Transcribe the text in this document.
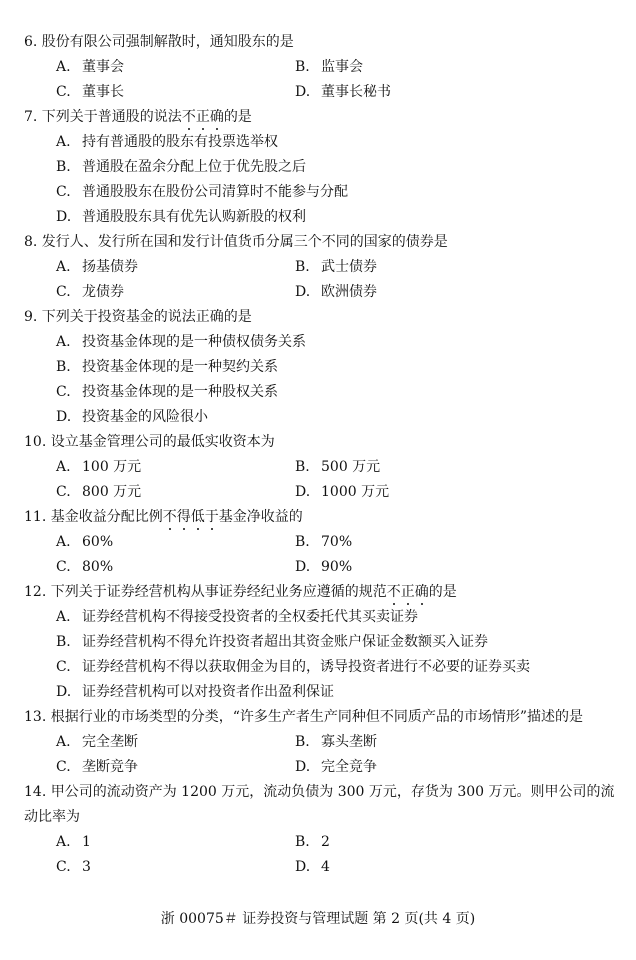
6. 股份有限公司强制解散时，通知股东的是
A. 董事会	B. 监事会
C. 董事长	D. 董事长秘书
7. 下列关于普通股的说法不正确的是
A. 持有普通股的股东有投票选举权
B. 普通股在盈余分配上位于优先股之后
C. 普通股股东在股份公司清算时不能参与分配
D. 普通股股东具有优先认购新股的权利
8. 发行人、发行所在国和发行计值货币分属三个不同的国家的债券是
A. 扬基债券	B. 武士债券
C. 龙债券	D. 欧洲债券
9. 下列关于投资基金的说法正确的是
A. 投资基金体现的是一种债权债务关系
B. 投资基金体现的是一种契约关系
C. 投资基金体现的是一种股权关系
D. 投资基金的风险很小
10. 设立基金管理公司的最低实收资本为
A. 100 万元	B. 500 万元
C. 800 万元	D. 1000 万元
11. 基金收益分配比例不得低于基金净收益的
A. 60%	B. 70%
C. 80%	D. 90%
12. 下列关于证券经营机构从事证券经纪业务应遵循的规范不正确的是
A. 证券经营机构不得接受投资者的全权委托代其买卖证券
B. 证券经营机构不得允许投资者超出其资金账户保证金数额买入证券
C. 证券经营机构不得以获取佣金为目的，诱导投资者进行不必要的证券买卖
D. 证券经营机构可以对投资者作出盈利保证
13. 根据行业的市场类型的分类，“许多生产者生产同种但不同质产品的市场情形”描述的是
A. 完全垄断	B. 寡头垄断
C. 垄断竞争	D. 完全竞争
14. 甲公司的流动资产为 1200 万元，流动负债为 300 万元，存货为 300 万元。则甲公司的流
动比率为
A. 1	B. 2
C. 3	D. 4
浙 00075＃ 证券投资与管理试题 第 2 页(共 4 页)
